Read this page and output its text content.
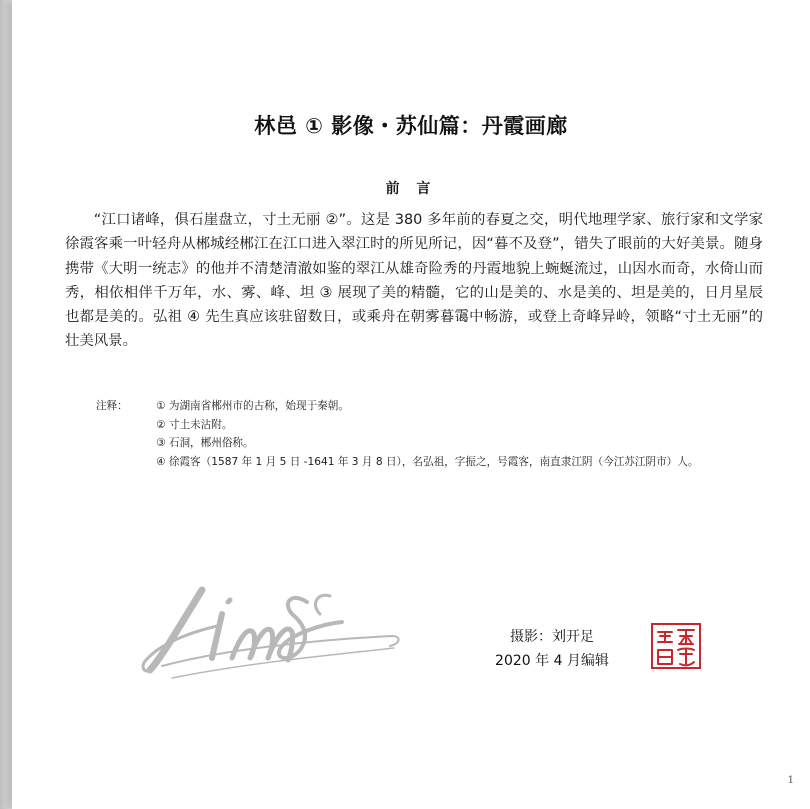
林邑 ① 影像・苏仙篇：丹霞画廊
前 言

“江口诸峰，俱石崖盘立，寸土无丽 ②”。这是 380 多年前的春夏之交，明代地理学家、旅行家和文学家徐霞客乘一叶轻舟从郴城经郴江在江口进入翠江时的所见所记，因“暮不及登”，错失了眼前的大好美景。随身携带《大明一统志》的他并不清楚清澈如鉴的翠江从雄奇险秀的丹霞地貌上蜿蜒流过，山因水而奇，水倚山而秀，相依相伴千万年，水、雾、峰、坦 ③ 展现了美的精髓，它的山是美的、水是美的、坦是美的，日月星辰也都是美的。弘祖 ④ 先生真应该驻留数日，或乘舟在朝雾暮霭中畅游，或登上奇峰异岭，领略“寸土无丽”的壮美风景。

注释：	① 为湖南省郴州市的古称，始现于秦朝。
② 寸土未沾附。
③ 石洞，郴州俗称。
④ 徐霞客（1587 年 1 月 5 日 -1641 年 3 月 8 日），名弘祖，字振之，号霞客，南直隶江阴（今江苏江阴市）人。
摄影：刘开足
2020 年 4 月编辑
1
